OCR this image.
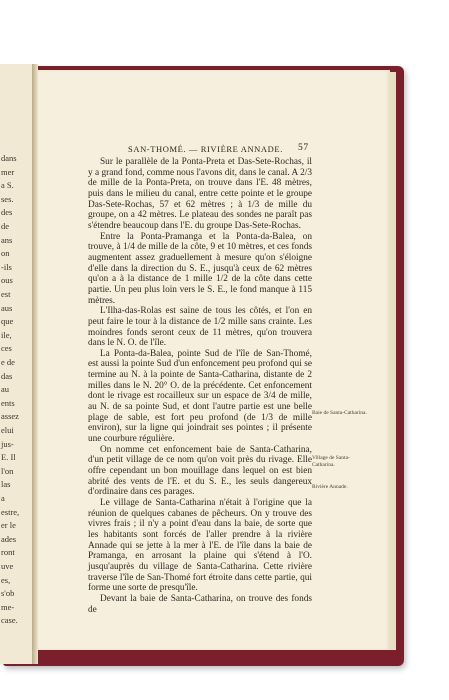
dans
mer
a S.
ses.
des
de
ans
on
-ils
ous
est
aus
que
ile,
ces
e de
das
au
ents
assez
elui
jus-
E. Il
l'on
las
a
estre,
er le
ades
ront
uve
es,
s'ob
me-
case.
SAN-THOMÉ. — RIVIÈRE ANNADE. 57

Sur le parallèle de la Ponta-Preta et Das-Sete-Rochas, il y a grand fond, comme nous l'avons dit, dans le canal. A 2/3 de mille de la Ponta-Preta, on trouve dans l'E. 48 mètres, puis dans le milieu du canal, entre cette pointe et le groupe Das-Sete-Rochas, 57 et 62 mètres ; à 1/3 de mille du groupe, on a 42 mètres. Le plateau des sondes ne paraît pas s'étendre beaucoup dans l'E. du groupe Das-Sete-Rochas.

Entre la Ponta-Pramanga et la Ponta-da-Balea, on trouve, à 1/4 de mille de la côte, 9 et 10 mètres, et ces fonds augmentent assez graduellement à mesure qu'on s'éloigne d'elle dans la direction du S. E., jusqu'à ceux de 62 mètres qu'on a à la distance de 1 mille 1/2 de la côte dans cette partie. Un peu plus loin vers le S. E., le fond manque à 115 mètres.

L'Ilha-das-Rolas est saine de tous les côtés, et l'on en peut faire le tour à la distance de 1/2 mille sans crainte. Les moindres fonds seront ceux de 11 mètres, qu'on trouvera dans le N. O. de l'île.

La Ponta-da-Balea, pointe Sud de l'île de San-Thomé, est aussi la pointe Sud d'un enfoncement peu profond qui se termine au N. à la pointe de Santa-Catharina, distante de 2 milles dans le N. 20° O. de la précédente. Cet enfoncement dont le rivage est rocailleux sur un espace de 3/4 de mille, au N. de sa pointe Sud, et dont l'autre partie est une belle plage de sable, est fort peu profond (de 1/3 de mille environ), sur la ligne qui joindrait ses pointes ; il présente une courbure régulière.

On nomme cet enfoncement baie de Santa-Catharina, d'un petit village de ce nom qu'on voit près du rivage. Elle offre cependant un bon mouillage dans lequel on est bien abrité des vents de l'E. et du S. E., les seuls dangereux d'ordinaire dans ces parages.

Le village de Santa-Catharina n'était à l'origine que la réunion de quelques cabanes de pêcheurs. On y trouve des vivres frais ; il n'y a point d'eau dans la baie, de sorte que les habitants sont forcés de l'aller prendre à la rivière Annade qui se jette à la mer à l'E. de l'île dans la baie de Pramanga, en arrosant la plaine qui s'étend à l'O. jusqu'auprès du village de Santa-Catharina. Cette rivière traverse l'île de San-Thomé fort étroite dans cette partie, qui forme une sorte de presqu'île.

Devant la baie de Santa-Catharina, on trouve des fonds de

Baie de Santa-Catharina.
Village de Santa-Catharina.
Rivière Annade.
